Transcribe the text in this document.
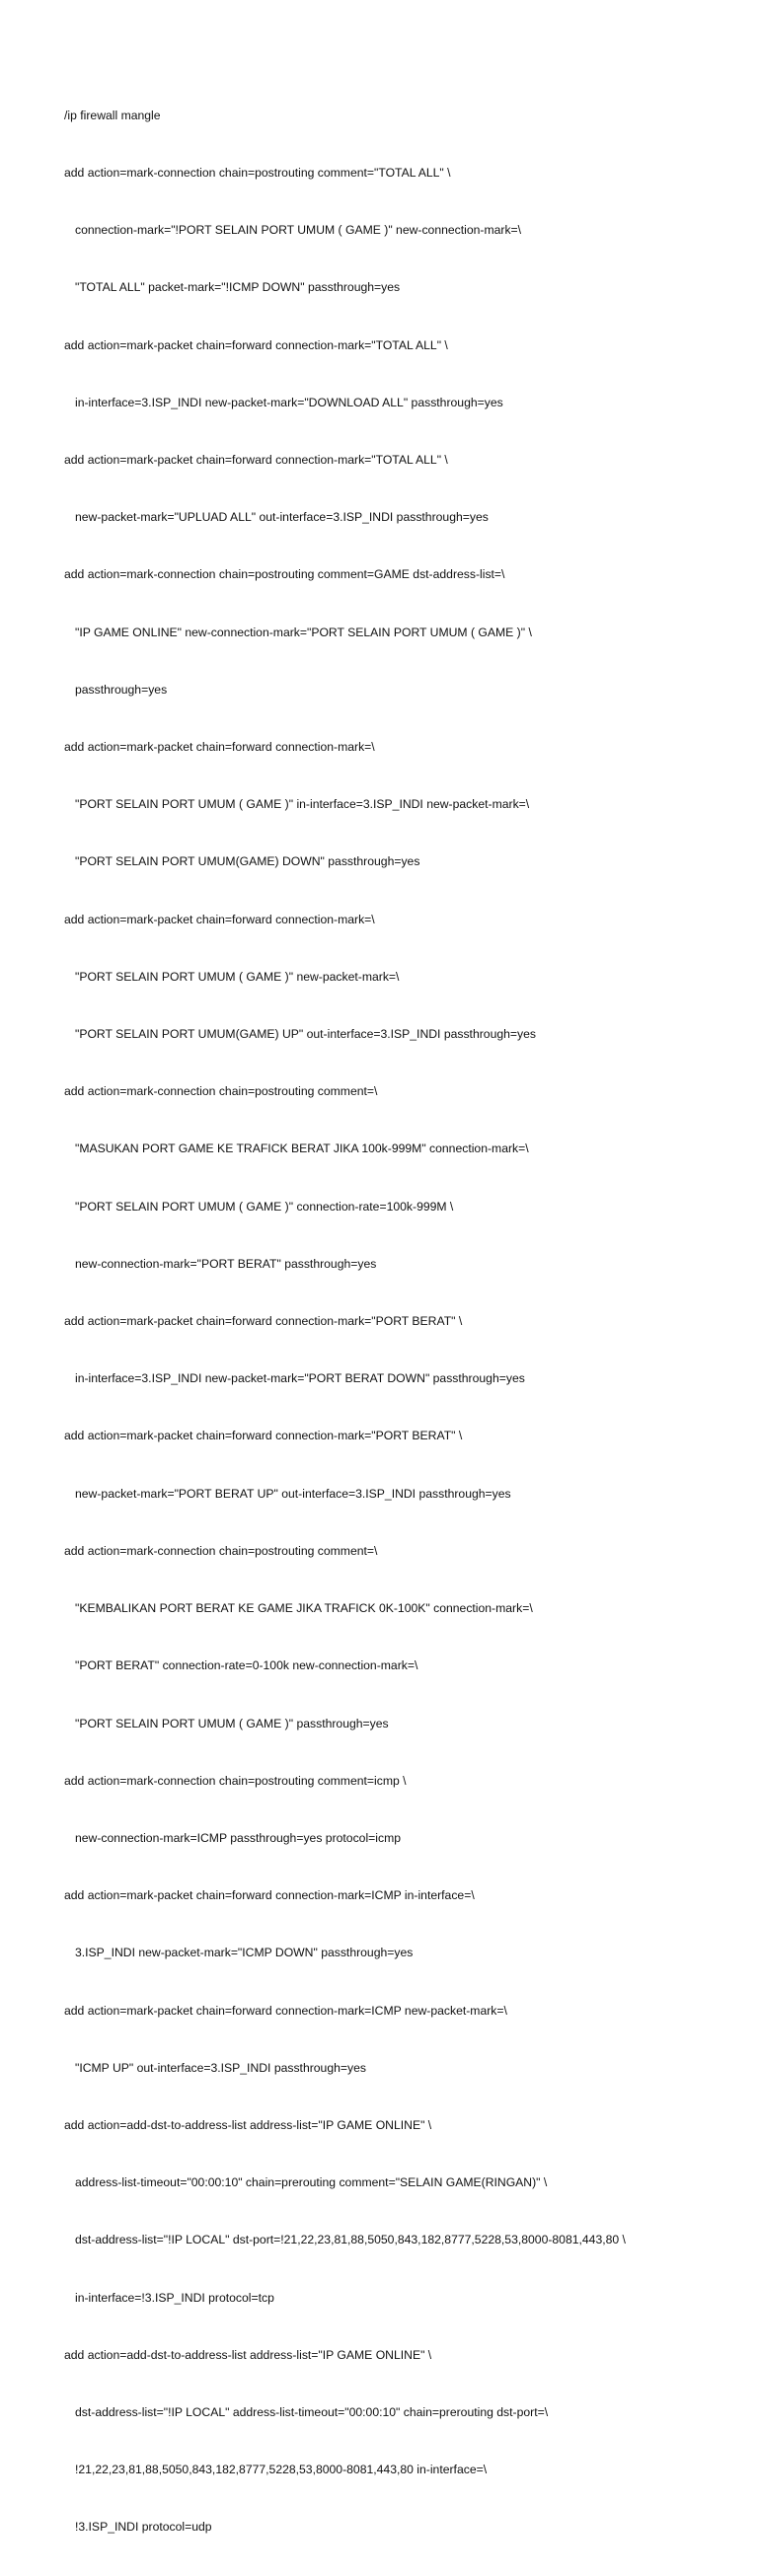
/ip firewall mangle

add action=mark-connection chain=postrouting comment="TOTAL ALL" \

connection-mark="!PORT SELAIN PORT UMUM ( GAME )" new-connection-mark=\

"TOTAL ALL" packet-mark="!ICMP DOWN" passthrough=yes

add action=mark-packet chain=forward connection-mark="TOTAL ALL" \

in-interface=3.ISP_INDI new-packet-mark="DOWNLOAD ALL" passthrough=yes

add action=mark-packet chain=forward connection-mark="TOTAL ALL" \

new-packet-mark="UPLUAD ALL" out-interface=3.ISP_INDI passthrough=yes

add action=mark-connection chain=postrouting comment=GAME dst-address-list=\

"IP GAME ONLINE" new-connection-mark="PORT SELAIN PORT UMUM ( GAME )" \

passthrough=yes

add action=mark-packet chain=forward connection-mark=\

"PORT SELAIN PORT UMUM ( GAME )" in-interface=3.ISP_INDI new-packet-mark=\

"PORT SELAIN PORT UMUM(GAME) DOWN" passthrough=yes

add action=mark-packet chain=forward connection-mark=\

"PORT SELAIN PORT UMUM ( GAME )" new-packet-mark=\

"PORT SELAIN PORT UMUM(GAME) UP" out-interface=3.ISP_INDI passthrough=yes

add action=mark-connection chain=postrouting comment=\

"MASUKAN PORT GAME KE TRAFICK BERAT JIKA 100k-999M" connection-mark=\

"PORT SELAIN PORT UMUM ( GAME )" connection-rate=100k-999M \

new-connection-mark="PORT BERAT" passthrough=yes

add action=mark-packet chain=forward connection-mark="PORT BERAT" \

in-interface=3.ISP_INDI new-packet-mark="PORT BERAT DOWN" passthrough=yes

add action=mark-packet chain=forward connection-mark="PORT BERAT" \

new-packet-mark="PORT BERAT UP" out-interface=3.ISP_INDI passthrough=yes

add action=mark-connection chain=postrouting comment=\

"KEMBALIKAN PORT BERAT KE GAME JIKA TRAFICK 0K-100K" connection-mark=\

"PORT BERAT" connection-rate=0-100k new-connection-mark=\

"PORT SELAIN PORT UMUM ( GAME )" passthrough=yes

add action=mark-connection chain=postrouting comment=icmp \

new-connection-mark=ICMP passthrough=yes protocol=icmp

add action=mark-packet chain=forward connection-mark=ICMP in-interface=\

3.ISP_INDI new-packet-mark="ICMP DOWN" passthrough=yes

add action=mark-packet chain=forward connection-mark=ICMP new-packet-mark=\

"ICMP UP" out-interface=3.ISP_INDI passthrough=yes

add action=add-dst-to-address-list address-list="IP GAME ONLINE" \

address-list-timeout="00:00:10" chain=prerouting comment="SELAIN GAME(RINGAN)" \

dst-address-list="!IP LOCAL" dst-port=!21,22,23,81,88,5050,843,182,8777,5228,53,8000-8081,443,80 \

in-interface=!3.ISP_INDI protocol=tcp

add action=add-dst-to-address-list address-list="IP GAME ONLINE" \

dst-address-list="!IP LOCAL" address-list-timeout="00:00:10" chain=prerouting dst-port=\

!21,22,23,81,88,5050,843,182,8777,5228,53,8000-8081,443,80 in-interface=\

!3.ISP_INDI protocol=udp
